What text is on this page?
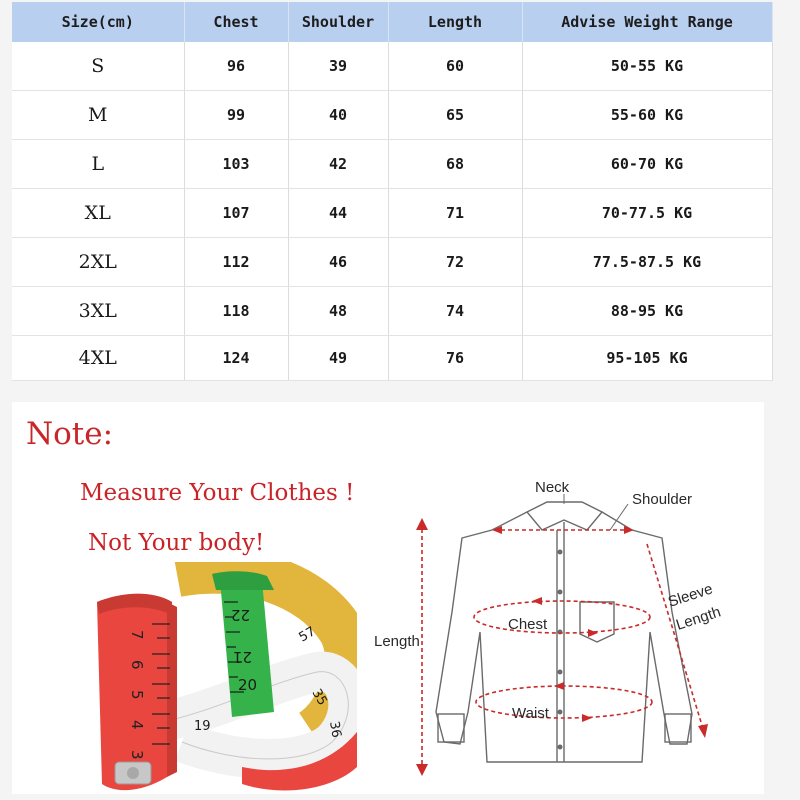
Size(cm)	Chest	Shoulder	Length	Advise Weight Range
S	96	39	60	50-55 KG
M	99	40	65	55-60 KG
L	103	42	68	60-70 KG
XL	107	44	71	70-77.5 KG
2XL	112	46	72	77.5-87.5 KG
3XL	118	48	74	88-95 KG
4XL	124	49	76	95-105 KG
Note:
Measure Your Clothes !
Not Your body!
7
6
5
4
3
22
21
20
19
35
36
57
Neck
Shoulder
Chest
Waist
Length
Sleeve
Length
